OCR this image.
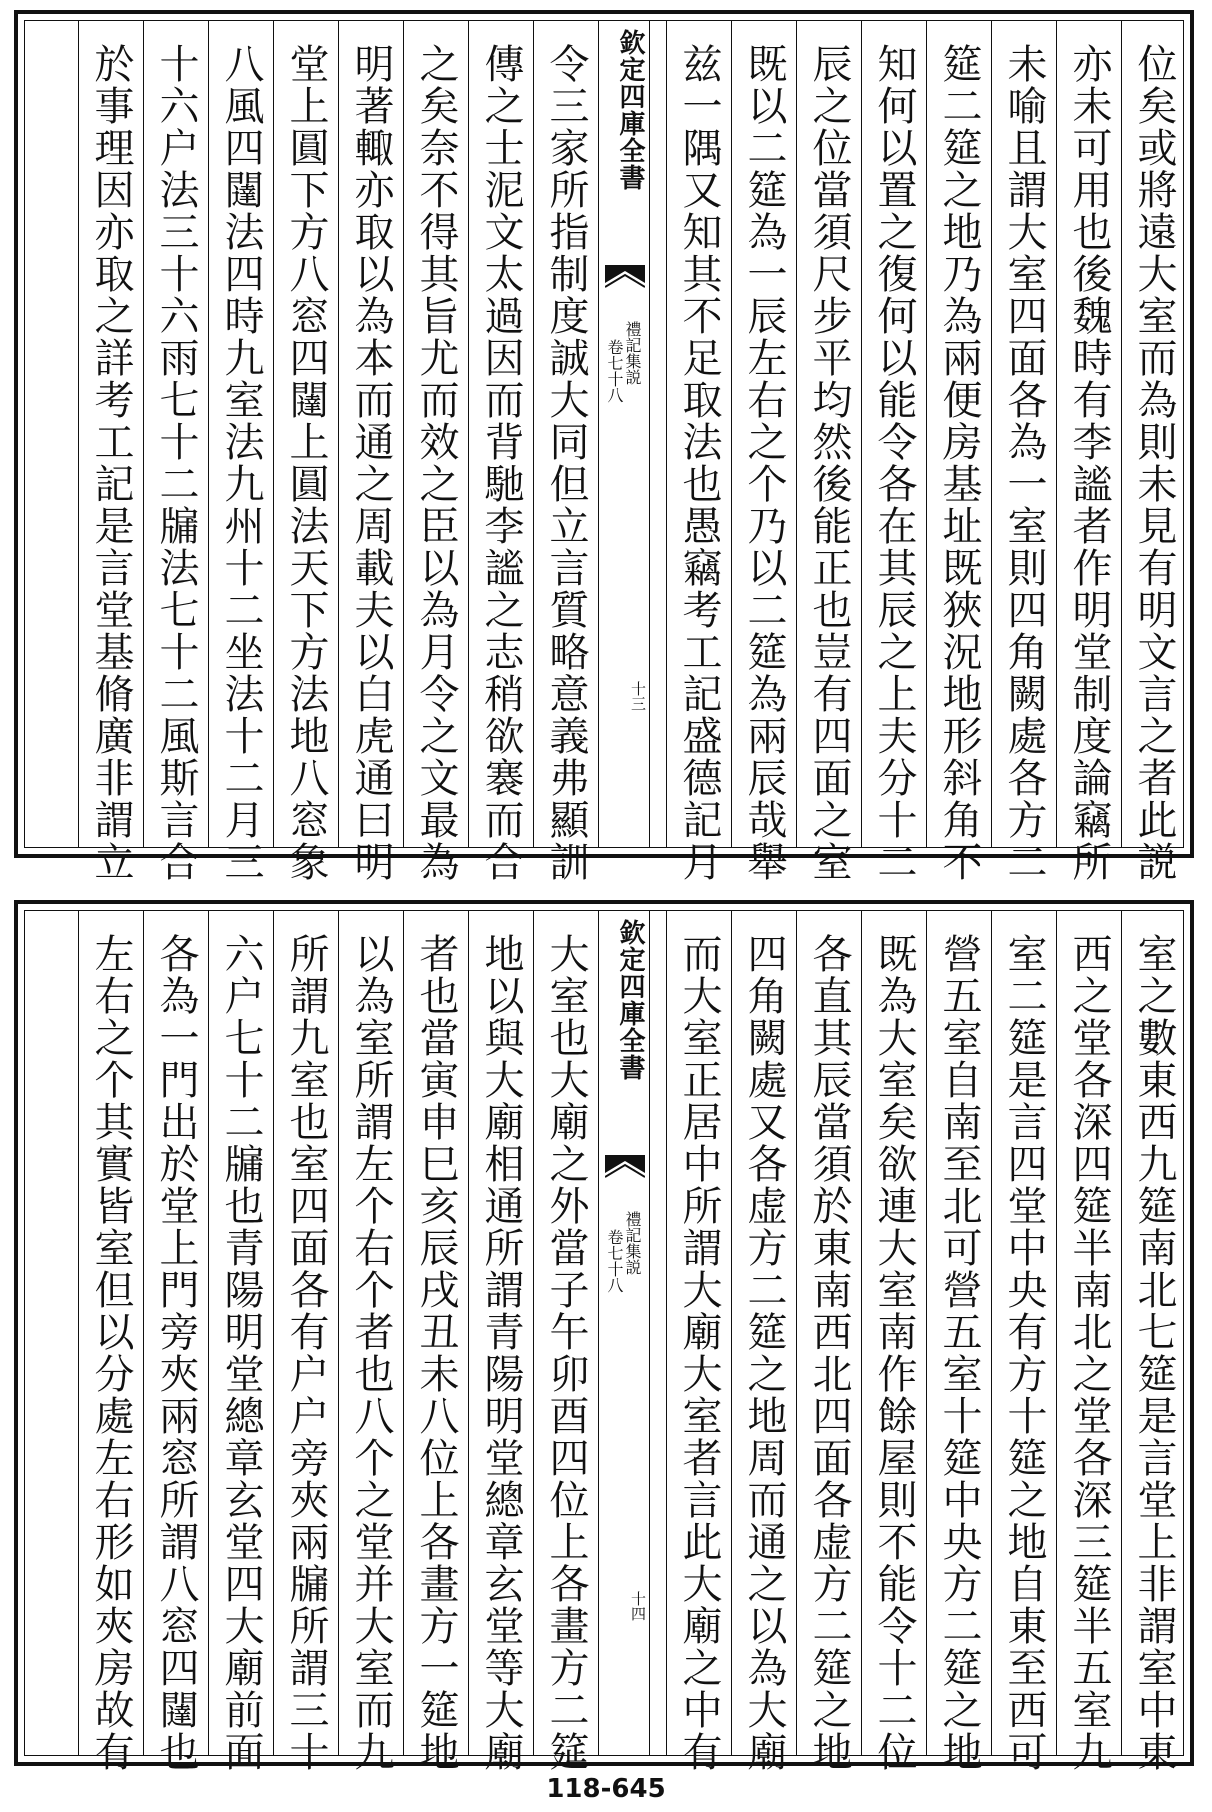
位矣或將遠大室而為則未見有明文言之者此説
亦未可用也後魏時有李謐者作明堂制度論竊所
未喻且謂大室四面各為一室則四角闕處各方二
筵二筵之地乃為兩便房基址既狹況地形斜角不
知何以置之復何以能令各在其辰之上夫分十二
辰之位當須尺步平均然後能正也豈有四面之室
既以二筵為一辰左右之个乃以二筵為兩辰哉舉
兹一隅又知其不足取法也愚竊考工記盛德記月
欽定四庫全書
禮記集説
卷七十八
十三
令三家所指制度誠大同但立言質略意義弗顯訓
傳之士泥文太過因而背馳李謐之志稍欲褰而合
之矣奈不得其旨尤而效之臣以為月令之文最為
明著輙亦取以為本而通之周載夫以白虎通曰明
堂上圓下方八窓四闥上圓法天下方法地八窓象
八風四闥法四時九室法九州十二坐法十二月三
十六户法三十六雨七十二牖法七十二風斯言合
於事理因亦取之詳考工記是言堂基脩廣非謂立
室之數東西九筵南北七筵是言堂上非謂室中東
西之堂各深四筵半南北之堂各深三筵半五室九
室二筵是言四堂中央有方十筵之地自東至西可
營五室自南至北可營五室十筵中央方二筵之地
既為大室矣欲連大室南作餘屋則不能令十二位
各直其辰當須於東南西北四面各虚方二筵之地
四角闕處又各虚方二筵之地周而通之以為大廟
而大室正居中所謂大廟大室者言此大廟之中有
欽定四庫全書
禮記集説
卷七十八
十四
大室也大廟之外當子午卯酉四位上各畫方二筵
地以與大廟相通所謂青陽明堂總章玄堂等大廟
者也當寅申巳亥辰戌丑未八位上各畫方一筵地
以為室所謂左个右个者也八个之堂并大室而九
所謂九室也室四面各有户户旁夾兩牖所謂三十
六户七十二牖也青陽明堂總章玄堂四大廟前面
各為一門出於堂上門旁夾兩窓所謂八窓四闥也
左右之个其實皆室但以分處左右形如夾房故有
118-645
